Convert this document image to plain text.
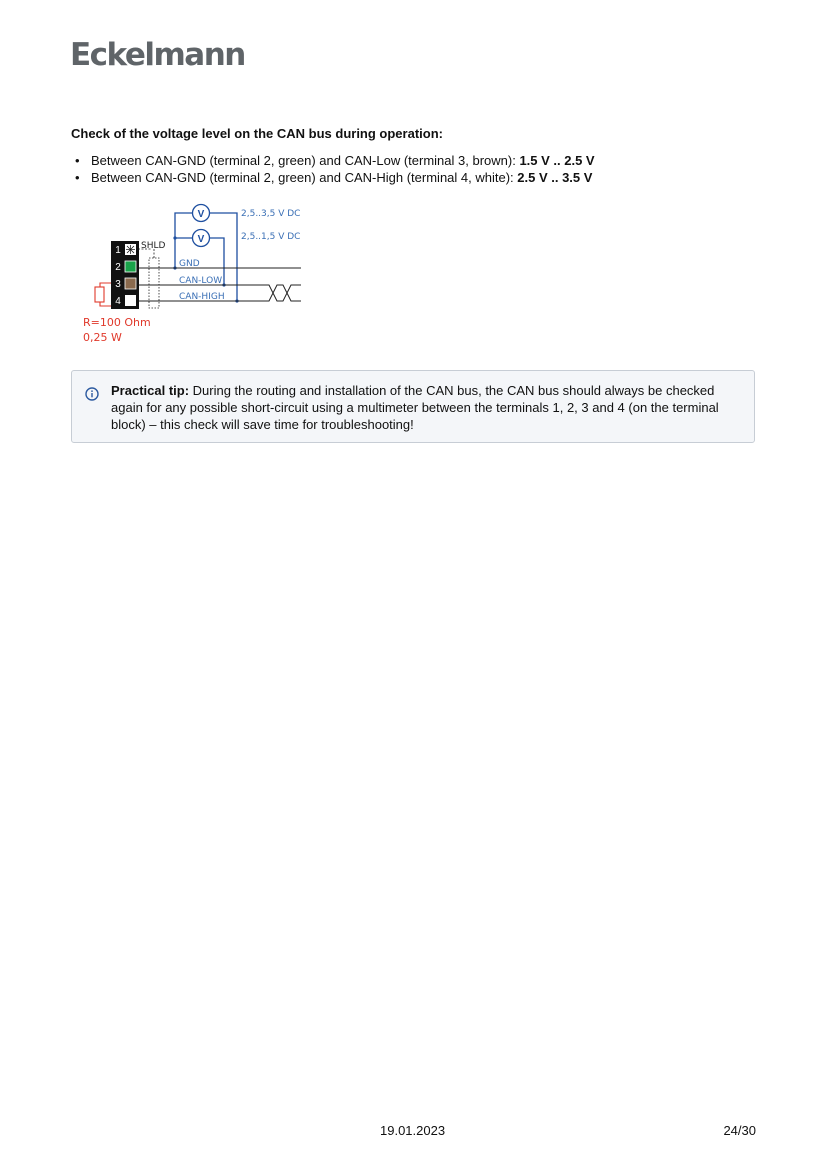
Eckelmann

Check of the voltage level on the CAN bus during operation:

• Between CAN-GND (terminal 2, green) and CAN-Low (terminal 3, brown): 1.5 V .. 2.5 V
• Between CAN-GND (terminal 2, green) and CAN-High (terminal 4, white): 2.5 V .. 3.5 V
V
V
2,5..3,5 V DC
2,5..1,5 V DC
GND
CAN-LOW
CAN-HIGH
SHLD
1
2
3
4
R=100 Ohm
0,25 W

Practical tip: During the routing and installation of the CAN bus, the CAN bus should always be checked again for any possible short-circuit using a multimeter between the terminals 1, 2, 3 and 4 (on the terminal block) – this check will save time for troubleshooting!

19.01.2023	24/30
